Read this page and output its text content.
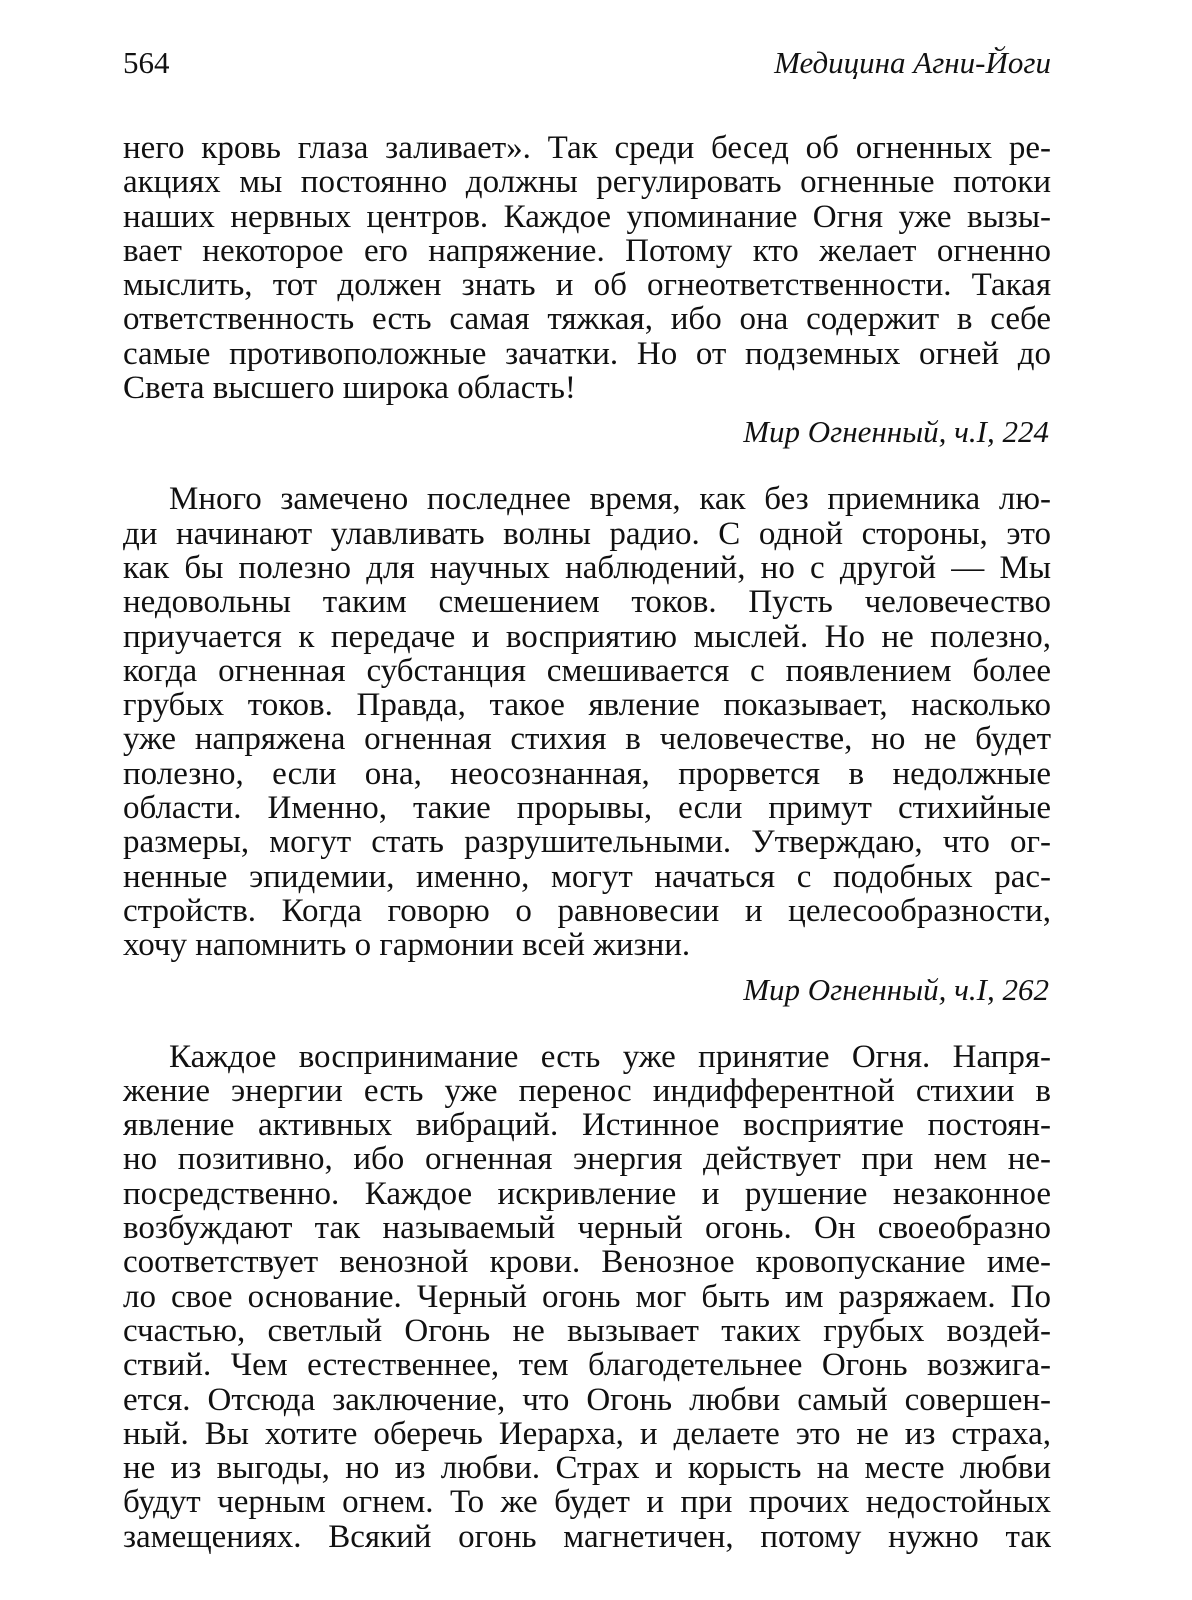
564	Медицина Агни-Йоги
него кровь глаза заливает». Так среди бесед об огненных ре-
акциях мы постоянно должны регулировать огненные потоки
наших нервных центров. Каждое упоминание Огня уже вызы-
вает некоторое его напряжение. Потому кто желает огненно
мыслить, тот должен знать и об огнеответственности. Такая
ответственность есть самая тяжкая, ибо она содержит в себе
самые противоположные зачатки. Но от подземных огней до
Света высшего широка область!
Мир Огненный, ч.I, 224
Много замечено последнее время, как без приемника лю-
ди начинают улавливать волны радио. С одной стороны, это
как бы полезно для научных наблюдений, но с другой — Мы
недовольны таким смешением токов. Пусть человечество
приучается к передаче и восприятию мыслей. Но не полезно,
когда огненная субстанция смешивается с появлением более
грубых токов. Правда, такое явление показывает, насколько
уже напряжена огненная стихия в человечестве, но не будет
полезно, если она, неосознанная, прорвется в недолжные
области. Именно, такие прорывы, если примут стихийные
размеры, могут стать разрушительными. Утверждаю, что ог-
ненные эпидемии, именно, могут начаться с подобных рас-
стройств. Когда говорю о равновесии и целесообразности,
хочу напомнить о гармонии всей жизни.
Мир Огненный, ч.I, 262
Каждое воспринимание есть уже принятие Огня. Напря-
жение энергии есть уже перенос индифферентной стихии в
явление активных вибраций. Истинное восприятие постоян-
но позитивно, ибо огненная энергия действует при нем не-
посредственно. Каждое искривление и рушение незаконное
возбуждают так называемый черный огонь. Он своеобразно
соответствует венозной крови. Венозное кровопускание име-
ло свое основание. Черный огонь мог быть им разряжаем. По
счастью, светлый Огонь не вызывает таких грубых воздей-
ствий. Чем естественнее, тем благодетельнее Огонь возжига-
ется. Отсюда заключение, что Огонь любви самый совершен-
ный. Вы хотите оберечь Иерарха, и делаете это не из страха,
не из выгоды, но из любви. Страх и корысть на месте любви
будут черным огнем. То же будет и при прочих недостойных
замещениях. Всякий огонь магнетичен, потому нужно так
